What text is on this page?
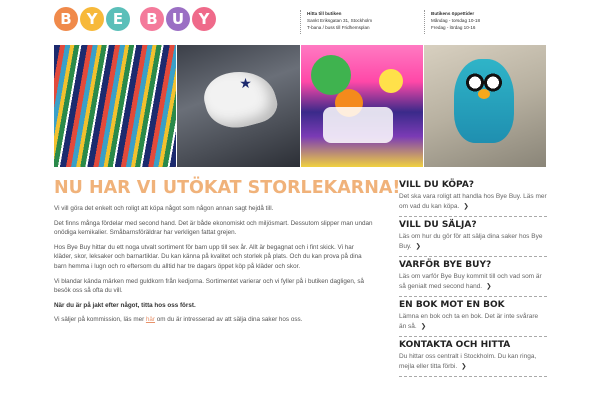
B Y	E	B U Y	Hitta till butiken
Sankt Eriksgatan 31, Stockholm
T-bana / buss till Fridhemsplan
Butikens öppettider
Måndag - torsdag 10-18
Fredag - lördag 10-16
★
NU HAR VI UTÖKAT STORLEKARNA!

Vi vill göra det enkelt och roligt att köpa något som någon annan sagt hejdå till.

Det finns många fördelar med second hand. Det är både ekonomiskt och miljösmart. Dessutom slipper man undan onödiga kemikalier. Småbarnsföräldrar har verkligen fattat grejen.

Hos Bye Buy hittar du ett noga utvalt sortiment för barn upp till sex år. Allt är begagnat och i fint skick. Vi har kläder, skor, leksaker och barnartiklar. Du kan känna på kvalitet och storlek på plats. Och du kan prova på dina barn hemma i lugn och ro eftersom du alltid har tre dagars öppet köp på kläder och skor.

Vi blandar kända märken med guldkorn från kedjorna. Sortimentet varierar och vi fyller på i butiken dagligen, så besök oss så ofta du vill.

När du är på jakt efter något, titta hos oss först.

Vi säljer på kommission, läs mer här om du är intresserad av att sälja dina saker hos oss.

VILL DU KÖPA?
Det ska vara roligt att handla hos Bye Buy. Läs mer om vad du kan köpa. ❯
VILL DU SÄLJA?
Läs om hur du gör för att sälja dina saker hos Bye Buy. ❯
VARFÖR BYE BUY?
Läs om varför Bye Buy kommit till och vad som är så genialt med second hand. ❯
EN BOK MOT EN BOK
Lämna en bok och ta en bok. Det är inte svårare än så. ❯
KONTAKTA OCH HITTA
Du hittar oss centralt i Stockholm. Du kan ringa, mejla eller titta förbi. ❯
